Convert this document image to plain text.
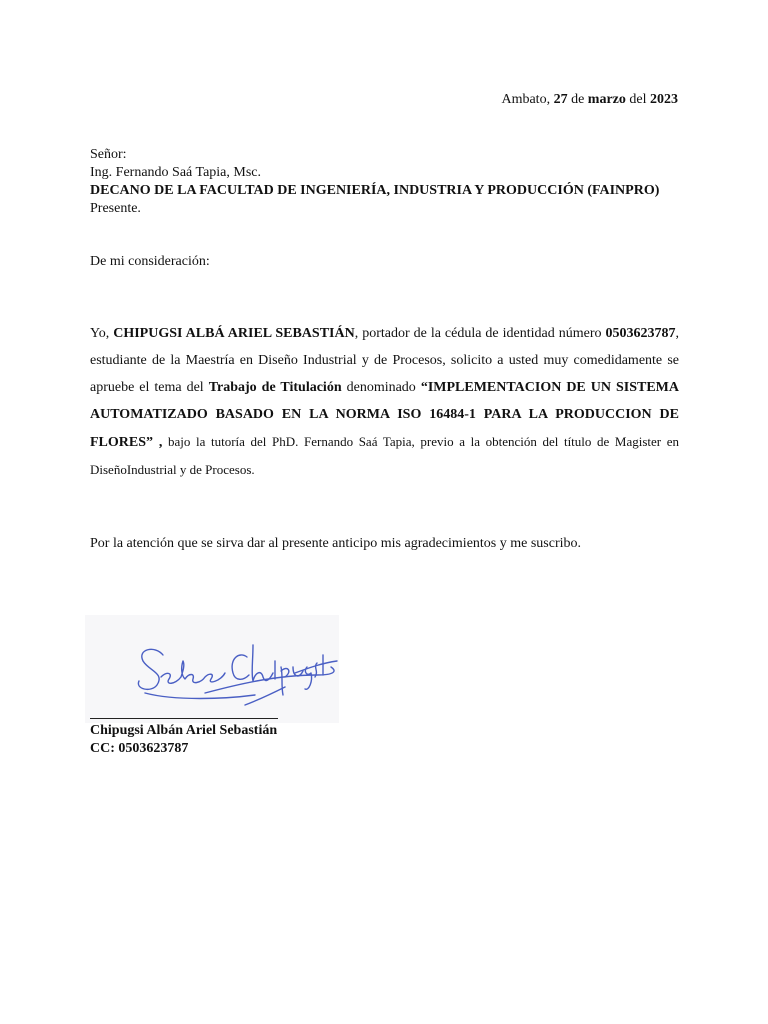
Ambato, 27 de marzo del 2023
Señor:
Ing. Fernando Saá Tapia, Msc.
DECANO DE LA FACULTAD DE INGENIERÍA, INDUSTRIA Y PRODUCCIÓN (FAINPRO)
Presente.
De mi consideración:
Yo, CHIPUGSI ALBÁ ARIEL SEBASTIÁN, portador de la cédula de identidad número 0503623787, estudiante de la Maestría en Diseño Industrial y de Procesos, solicito a usted muy comedidamente se apruebe el tema del Trabajo de Titulación denominado “IMPLEMENTACION DE UN SISTEMA AUTOMATIZADO BASADO EN LA NORMA ISO 16484-1 PARA LA PRODUCCION DE FLORES” , bajo la tutoría del PhD. Fernando Saá Tapia, previo a la obtención del título de Magister en DiseñoIndustrial y de Procesos.
Por la atención que se sirva dar al presente anticipo mis agradecimientos y me suscribo.
Chipugsi Albán Ariel Sebastián
CC: 0503623787
